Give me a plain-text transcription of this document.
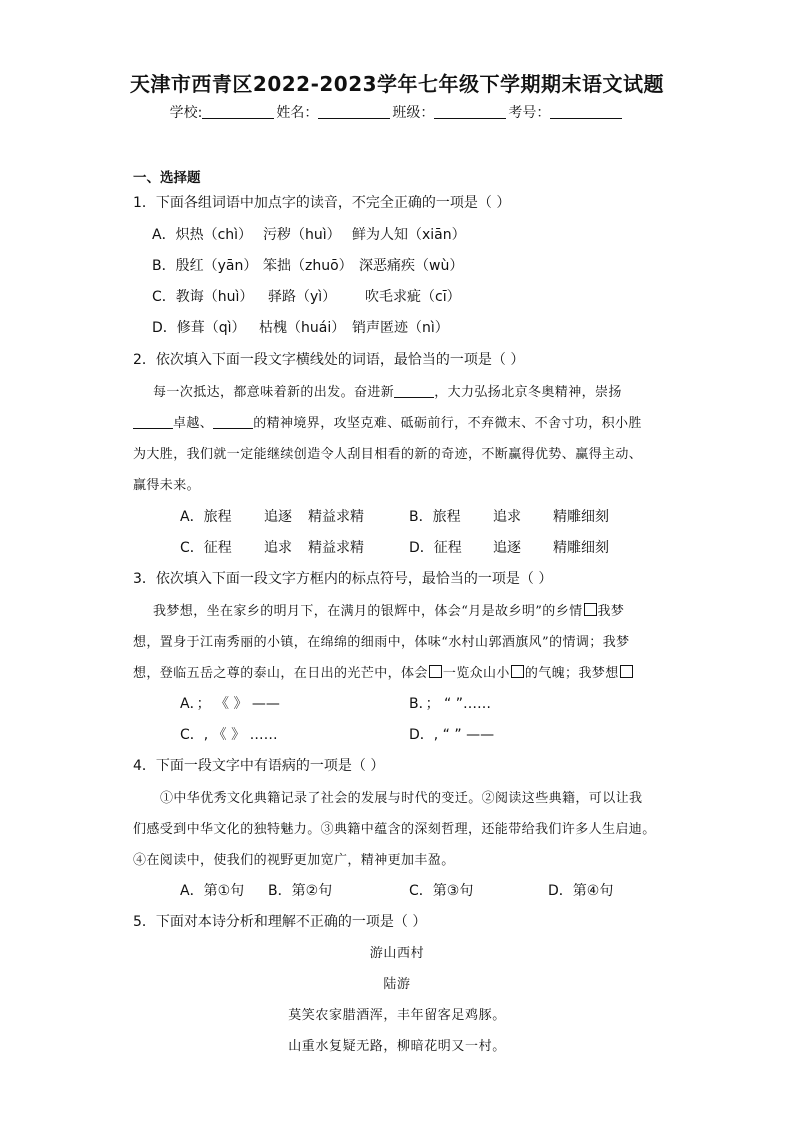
天津市西青区2022-2023学年七年级下学期期末语文试题
学校:	姓名：	班级：	考号：
一、选择题
1．下面各组词语中加点字的读音，不完全正确的一项是（ ）
A．炽热（chì） 污秽（huì） 鲜为人知（xiān）
B．殷红（yān） 笨拙（zhuō） 深恶痛疾（wù）
C．教诲（huì） 驿路（yì） 吹毛求疵（cī）
D．修葺（qì） 枯槐（huái） 销声匿迹（nì）
2．依次填入下面一段文字横线处的词语，最恰当的一项是（ ）
每一次抵达，都意味着新的出发。奋进新	，大力弘扬北京冬奥精神，崇扬
卓越、	的精神境界，攻坚克难、砥砺前行，不弃微末、不舍寸功，积小胜
为大胜，我们就一定能继续创造令人刮目相看的新的奇迹，不断赢得优势、赢得主动、
赢得未来。
A．旅程 追逐 精益求精	B．旅程 追求 精雕细刻
C．征程 追求 精益求精	D．征程 追逐 精雕细刻
3．依次填入下面一段文字方框内的标点符号，最恰当的一项是（ ）
我梦想，坐在家乡的明月下，在满月的银辉中，体会“月是故乡明”的乡情 我梦
想，置身于江南秀丽的小镇，在绵绵的细雨中，体味“水村山郭酒旗风”的情调；我梦
想，登临五岳之尊的泰山，在日出的光芒中，体会 一览众山小 的气魄；我梦想
A．； 《 》 ——	B．； “ ”……
C．, 《 》 ……	D．, “ ” ——
4．下面一段文字中有语病的一项是（ ）
①中华优秀文化典籍记录了社会的发展与时代的变迁。②阅读这些典籍，可以让我
们感受到中华文化的独特魅力。③典籍中蕴含的深刻哲理，还能带给我们许多人生启迪。
④在阅读中，使我们的视野更加宽广，精神更加丰盈。
A．第①句 B．第②句	C．第③句	D．第④句
5．下面对本诗分析和理解不正确的一项是（ ）
游山西村
陆游
莫笑农家腊酒浑，丰年留客足鸡豚。
山重水复疑无路，柳暗花明又一村。
